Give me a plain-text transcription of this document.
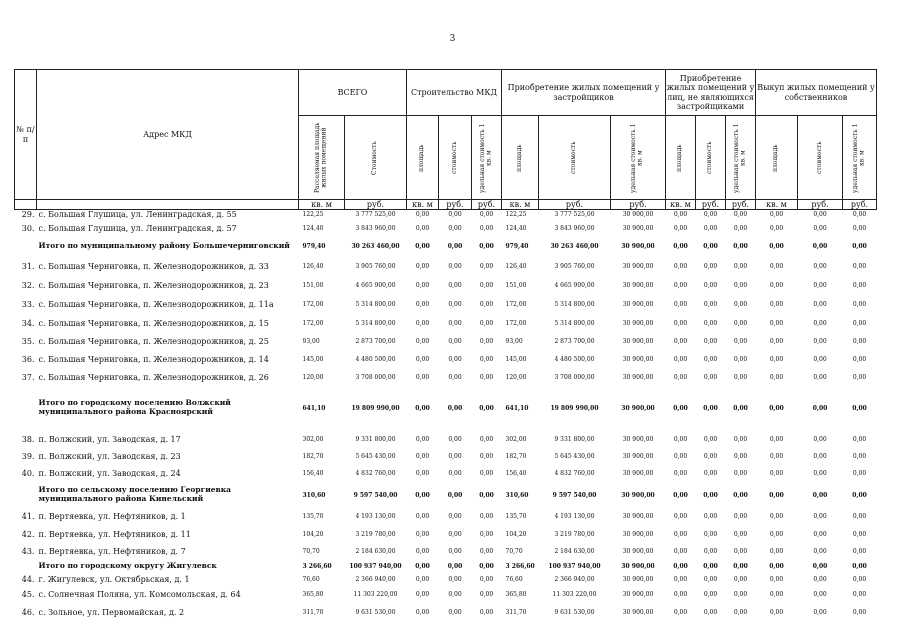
3
№ п/п	Адрес МКД	ВСЕГО		Строительство МКД			Приобретение жилых помещений у застройщиков			Приобретение жилых помещений у лиц, не являющихся застройщиками			Выкуп жилых помещений у собственников		

		Расселяемая площадь жилых помещений	Стоимость	площадь	стоимость	удельная стоимость 1 кв. м	площадь	стоимость	удельная стоимость 1 кв. м	площадь	стоимость	удельная стоимость 1 кв. м	площадь	стоимость	удельная стоимость 1 кв. м

		кв. м	руб.	кв. м	руб.	руб.	кв. м	руб.	руб.	кв. м	руб.	руб.	кв. м	руб.	руб.
29.	с. Большая Глушица, ул. Ленинградская, д. 55	122,25	3 777 525,00	0,00	0,00	0,00	122,25	3 777 525,00	30 900,00	0,00	0,00	0,00	0,00	0,00	0,00
30.	с. Большая Глушица, ул. Ленинградская, д. 57	124,40	3 843 960,00	0,00	0,00	0,00	124,40	3 843 960,00	30 900,00	0,00	0,00	0,00	0,00	0,00	0,00
	Итого по муниципальному району Большечерниговский	979,40	30 263 460,00	0,00	0,00	0,00	979,40	30 263 460,00	30 900,00	0,00	0,00	0,00	0,00	0,00	0,00
31.	с. Большая Черниговка, п. Железнодорожников, д. 33	126,40	3 905 760,00	0,00	0,00	0,00	126,40	3 905 760,00	30 900,00	0,00	0,00	0,00	0,00	0,00	0,00
32.	с. Большая Черниговка, п. Железнодорожников, д. 23	151,00	4 665 900,00	0,00	0,00	0,00	151,00	4 665 900,00	30 900,00	0,00	0,00	0,00	0,00	0,00	0,00
33.	с. Большая Черниговка, п. Железнодорожников, д. 11а	172,00	5 314 800,00	0,00	0,00	0,00	172,00	5 314 800,00	30 900,00	0,00	0,00	0,00	0,00	0,00	0,00
34.	с. Большая Черниговка, п. Железнодорожников, д. 15	172,00	5 314 800,00	0,00	0,00	0,00	172,00	5 314 800,00	30 900,00	0,00	0,00	0,00	0,00	0,00	0,00
35.	с. Большая Черниговка, п. Железнодорожников, д. 25	93,00	2 873 700,00	0,00	0,00	0,00	93,00	2 873 700,00	30 900,00	0,00	0,00	0,00	0,00	0,00	0,00
36.	с. Большая Черниговка, п. Железнодорожников, д. 14	145,00	4 480 500,00	0,00	0,00	0,00	145,00	4 480 500,00	30 900,00	0,00	0,00	0,00	0,00	0,00	0,00
37.	с. Большая Черниговка, п. Железнодорожников, д. 26	120,00	3 708 000,00	0,00	0,00	0,00	120,00	3 708 000,00	30 900,00	0,00	0,00	0,00	0,00	0,00	0,00
	Итого по городскому поселению Волжский муниципального района Красноярский	641,10	19 809 990,00	0,00	0,00	0,00	641,10	19 809 990,00	30 900,00	0,00	0,00	0,00	0,00	0,00	0,00
38.	п. Волжский, ул. Заводская, д. 17	302,00	9 331 800,00	0,00	0,00	0,00	302,00	9 331 800,00	30 900,00	0,00	0,00	0,00	0,00	0,00	0,00
39.	п. Волжский, ул. Заводская, д. 23	182,70	5 645 430,00	0,00	0,00	0,00	182,70	5 645 430,00	30 900,00	0,00	0,00	0,00	0,00	0,00	0,00
40.	п. Волжский, ул. Заводская, д. 24	156,40	4 832 760,00	0,00	0,00	0,00	156,40	4 832 760,00	30 900,00	0,00	0,00	0,00	0,00	0,00	0,00
	Итого по сельскому поселению Георгиевка муниципального района Кинельский	310,60	9 597 540,00	0,00	0,00	0,00	310,60	9 597 540,00	30 900,00	0,00	0,00	0,00	0,00	0,00	0,00
41.	п. Вертяевка, ул. Нефтяников, д. 1	135,70	4 193 130,00	0,00	0,00	0,00	135,70	4 193 130,00	30 900,00	0,00	0,00	0,00	0,00	0,00	0,00
42.	п. Вертяевка, ул. Нефтяников, д. 11	104,20	3 219 780,00	0,00	0,00	0,00	104,20	3 219 780,00	30 900,00	0,00	0,00	0,00	0,00	0,00	0,00
43.	п. Вертяевка, ул. Нефтяников, д. 7	70,70	2 184 630,00	0,00	0,00	0,00	70,70	2 184 630,00	30 900,00	0,00	0,00	0,00	0,00	0,00	0,00
	Итого по городскому округу Жигулевск	3 266,60	100 937 940,00	0,00	0,00	0,00	3 266,60	100 937 940,00	30 900,00	0,00	0,00	0,00	0,00	0,00	0,00
44.	г. Жигулевск, ул. Октябрьская, д. 1	76,60	2 366 940,00	0,00	0,00	0,00	76,60	2 366 940,00	30 900,00	0,00	0,00	0,00	0,00	0,00	0,00
45.	с. Солнечная Поляна, ул. Комсомольская, д. 64	365,80	11 303 220,00	0,00	0,00	0,00	365,80	11 303 220,00	30 900,00	0,00	0,00	0,00	0,00	0,00	0,00
46.	с. Зольное, ул. Первомайская, д. 2	311,70	9 631 530,00	0,00	0,00	0,00	311,70	9 631 530,00	30 900,00	0,00	0,00	0,00	0,00	0,00	0,00
